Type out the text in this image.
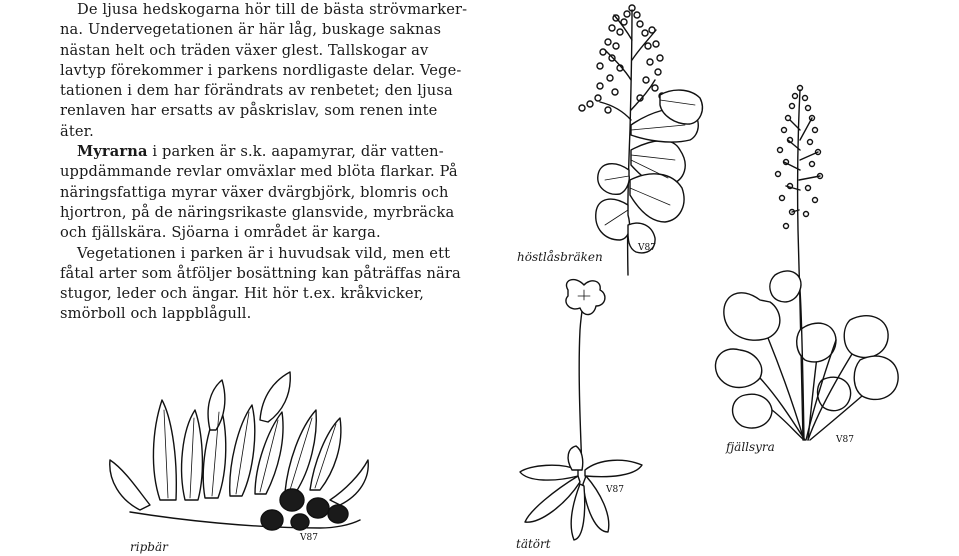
De ljusa hedskogarna hör till de bästa strövmarker-
na. Undervegetationen är här låg, buskage saknas
nästan helt och träden växer glest. Tallskogar av
lavtyp förekommer i parkens nordligaste delar. Vege-
tationen i dem har förändrats av renbetet; den ljusa
renlaven har ersatts av påskrislav, som renen inte
äter.
Myrarna i parken är s.k. aapamyrar, där vatten-
uppdämmande revlar omväxlar med blöta flarkar. På
näringsfattiga myrar växer dvärgbjörk, blomris och
hjortron, på de näringsrikaste glansvide, myrbräcka
och fjällskära. Sjöarna i området är karga.
Vegetationen i parken är i huvudsak vild, men ett
fåtal arter som åtföljer bosättning kan påträffas nära
stugor, leder och ängar. Hit hör t.ex. kråkvicker,
smörboll och lappblågull.
V87
V87
V87
V87
höstlåsbräken
fjällsyra
tätört
ripbär
